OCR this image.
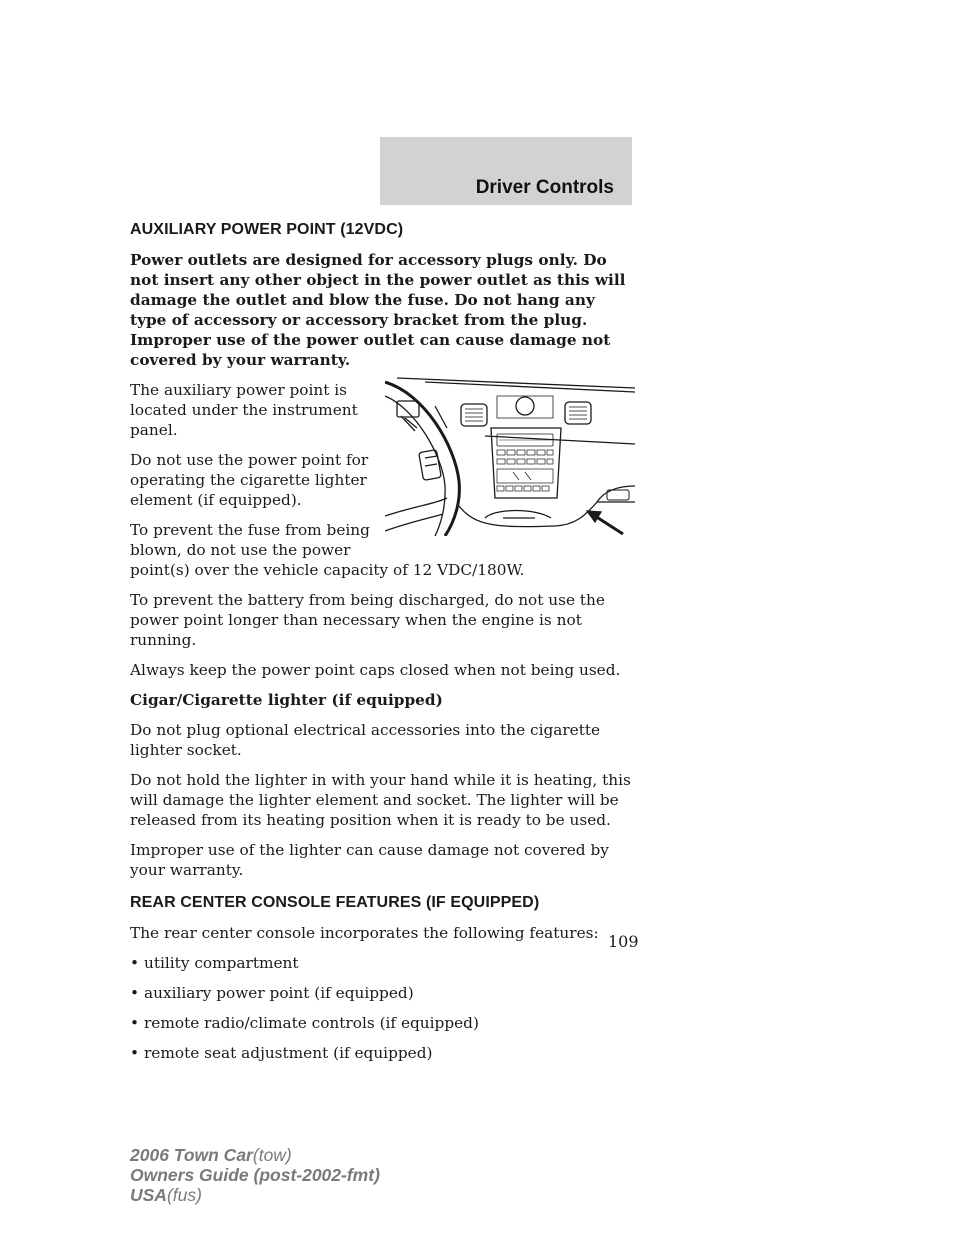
Driver Controls
AUXILIARY POWER POINT (12VDC)

Power outlets are designed for accessory plugs only. Do not insert any other object in the power outlet as this will damage the outlet and blow the fuse. Do not hang any type of accessory or accessory bracket from the plug. Improper use of the power outlet can cause damage not covered by your warranty.

The auxiliary power point is located under the instrument panel.

Do not use the power point for operating the cigarette lighter element (if equipped).

To prevent the fuse from being blown, do not use the power point(s) over the vehicle capacity of 12 VDC/180W.

To prevent the battery from being discharged, do not use the power point longer than necessary when the engine is not running.

Always keep the power point caps closed when not being used.

Cigar/Cigarette lighter (if equipped)

Do not plug optional electrical accessories into the cigarette lighter socket.

Do not hold the lighter in with your hand while it is heating, this will damage the lighter element and socket. The lighter will be released from its heating position when it is ready to be used.

Improper use of the lighter can cause damage not covered by your warranty.

REAR CENTER CONSOLE FEATURES (IF EQUIPPED)

The rear center console incorporates the following features:

• utility compartment
• auxiliary power point (if equipped)
• remote radio/climate controls (if equipped)
• remote seat adjustment (if equipped)
109
2006 Town Car(tow)
Owners Guide (post-2002-fmt)
USA(fus)
